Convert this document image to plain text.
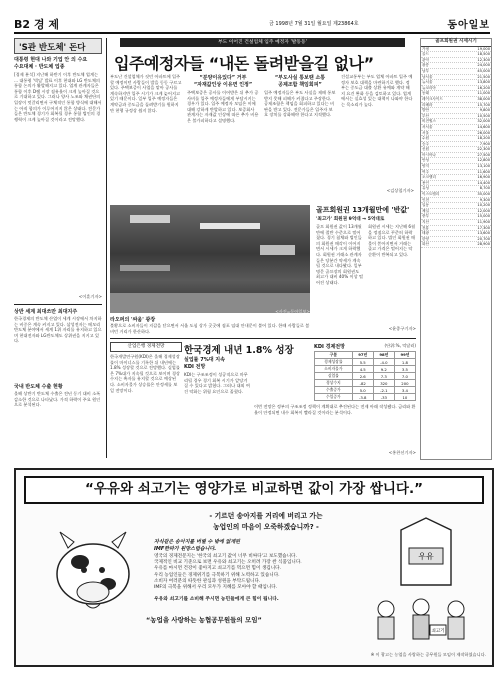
B2 경 제	금 1998년 7월 31일 월요일 제23864호	동아일보
'S관 반도체' 돈다
대통령 현대 나와 기업 안 의 수요
수요대체 · 반도체 업종
[경제 분석] 지난해 하반기 이후 반도체 업계는 ... 대통령 '빅딜' 발표 이후 현대와 LG 반도체의 통합 논의가 활발해지고 있다. 업계 관계자들은 통합 이후 D램 시장 점유율이 크게 높아질 것으로 기대하고 있다. 그러나 양사 노조와 채권단의 입장이 엇갈리면서 구체적인 통합 방식에 대해서는 아직 합의가 이루어지지 않은 상태다. 전문가들은 반도체 경기가 회복될 경우 통합 법인의 경쟁력이 크게 높아질 것이라고 전망했다.
<이훈기자>
상반 세계 최대쓰만 최대지주
한국경제의 반도체 산업이 세계 시장에서 차지하는 비중은 계속 커지고 있다. 삼성전자는 메모리 반도체 분야에서 세계 1위 자리를 유지하고 있으며 현대전자와 LG반도체도 상위권을 지키고 있다.
국내 반도체 수출 현황
올해 상반기 반도체 수출은 전년 동기 대비 소폭 감소한 것으로 나타났다. 가격 하락이 주요 원인으로 분석된다.
부도 이어진 건설업체 입주 예정자 '발동동'
입주예정자들 “내돈 돌려받을길 없나”
부도난 건설업체가 짓던 아파트에 입주할 예정이던 사람들이 발을 동동 구르고 있다. 주택보증이 사업을 맡아 공사를 계속하지만 입주 시기가 크게 늦어지고 있기 때문이다. 일부 입주 예정자들은 계약금과 중도금을 돌려받기를 원하지만 현행 규정상 쉽지 않다.
“분양이유있다” 거부
“자재값인상 이유면 인정”
주택보증은 공사를 이어받은 뒤 추가 공사비를 입주 예정자들에게 부담시키는 경우가 있다. 입주 예정자 모임은 이에 대해 강하게 반발하고 있다. 보증회사 관계자는 자재값 인상에 따른 추가 비용은 불가피하다고 설명했다.
“부도사실 통보땐 소통
공제조합 책임회피”
입주 예정자들은 부도 사실을 제때 통보받지 못해 피해가 커졌다고 주장한다. 공제조합은 책임을 회피하고 있다는 비판을 받고 있다. 전문가들은 입주자 보호 장치를 강화해야 한다고 지적했다.
건설교통부는 부도 업체 아파트 입주 예정자 보호 대책을 마련하기로 했다. 정부는 중도금 대출 상환 유예와 계약 해지 요건 완화 등을 검토하고 있다. 업계에서는 실효성 있는 대책이 나와야 한다는 목소리가 높다.
<김상철기자>
라오퍼의 '싸움' 광장
불황으로 소비자들이 지갑을 닫으면서 서울 도심 상가 곳곳에 점포 임대 안내문이 붙어 있다. 한때 사람들로 붐비던 거리가 한산하다.
<사진=동아일보>
골프회원권 13개월만에 '반값'
'최고가' 회원권 9억대 → 5억대로
골프 회원권 값이 13개월 만에 절반 수준으로 떨어졌다. 경기 침체와 법인들의 회원권 매각이 이어지면서 시세가 크게 하락했다. 회원권 거래소 관계자들은 당분간 약세가 계속될 것으로 내다봤다. 일부 명문 골프장의 회원권도 최고가 대비 40% 이상 떨어진 상태다.
회원권 시세는 지난해 6월을 정점으로 꾸준히 하락하고 있다. 법인 회원권 매물이 쏟아지면서 거래는 줄고 가격은 떨어지는 악순환이 반복되고 있다.
<윤종구기자>
골프회원권 시세시기
가평	19,000
골드	18,500
관악	12,300
광릉	24,000
남부	45,000
남서울	21,500
뉴서울	13,800
뉴코리아	16,200
동래	11,000
레이크사이드	38,000
리베라	15,700
발안	9,800
부산	10,500
비전힐스	32,000
서서울	14,600
서울	26,000
수원	18,200
승주	7,900
신원	22,300
아시아나	27,500
안성	12,800
양지	13,100
여주	11,600
오크밸리	16,900
용인	14,400
유성	8,700
이스트밸리	35,000
인천	9,300
일동	10,200
제일	12,000
중부	15,000
지산	11,900
천룡	17,300
태광	13,600
한양	20,700
화산	28,900
산업은행 경제전망	한국경제 내년 1.8% 성장
실업률 7%대 지속
KDI 전망
한국개발연구원(KDI)은 올해 경제성장률이 마이너스를 기록한 뒤 내년에는 1.8% 성장할 것으로 전망했다. 실업률은 7%대가 지속될 것으로 보이며 경상수지는 흑자를 유지할 것으로 예상된다. 소비자물가 상승률은 안정세를 보일 전망이다.
KDI는 구조조정이 성공적으로 마무리될 경우 경기 회복 시기가 앞당겨질 수 있다고 밝혔다. 그러나 대외 여건 악화는 위험 요인으로 꼽혔다.
KDI 경제전망	(단위:%, 억달러)
구분	97년	98년	99년
경제성장률	5.5	-4.0	1.8
소비자물가	4.5	9.2	3.5
실업률	2.6	7.3	7.0
경상수지	-82	320	200
수출증가	5.0	-2.1	3.4
수입증가	-3.8	-33	10
이번 전망은 정부의 구조조정 정책이 계획대로 추진된다는 전제 아래 작성됐다. 금리와 환율이 안정되면 내수 회복이 빨라질 것이라는 분석이다.
<홍찬선기자>
“우유와 쇠고기는 영양가로 비교하면 값이 가장 쌉니다.”
- 기르던 송아지를 거리에 버리고 가는
농업인의 마음이 오죽하겠습니까? -
자식같은 송아지를 버릴 수 밖에 없게된
IMF한파가 원망스럽습니다.
영국의 경제전문지는 '한국의 쇠고기 값이 너무 비싸다'고 보도했습니다.
국제적인 비교 기준으로 보면 우유와 쇠고기는 오히려 가장 싼 식품입니다.
우유를 마시면 건강이 좋아지고 쇠고기를 먹으면 힘이 생깁니다.
우리 농업인들은 경제위기를 극복하기 위해 노력하고 있습니다.
소비자 여러분의 따뜻한 관심과 성원을 부탁드립니다.
IMF의 극복을 위해서 우리 모두가 지혜를 모아야 할 때입니다.
우유와 쇠고기를 소비해 주시면 농민들에게 큰 힘이 됩니다.
“농업을 사랑하는 농협공무원들의 모임”
※ 이 광고는 농업을 사랑하는 공무원들 모임이 제작하였습니다.
우유
쇠고기
